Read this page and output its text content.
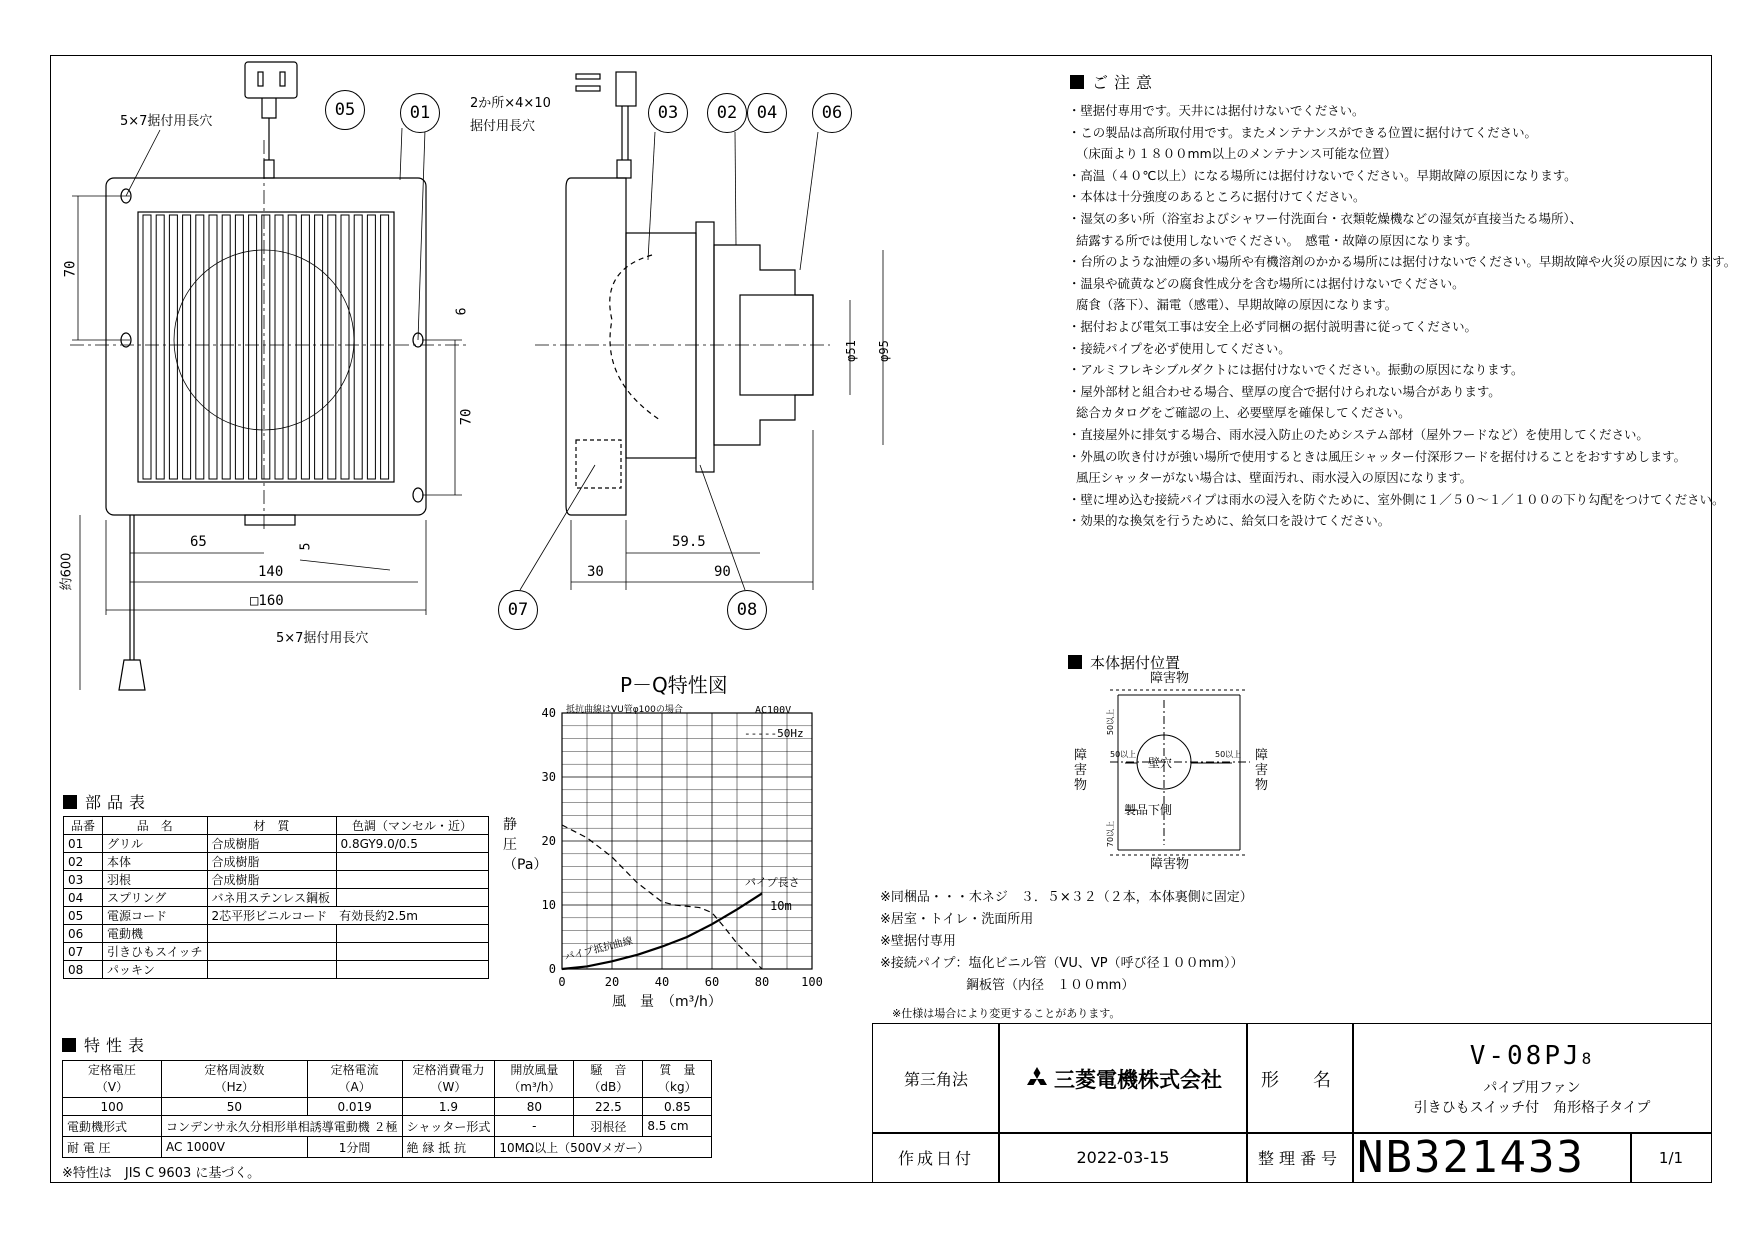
05	01	03	02	04	06
07	08
5×7据付用長穴
2か所×4×10
据付用長穴
5×7据付用長穴
70
70
6
5
65
140
□160
約600
φ51 φ95
59.5
30	90
ご注意
・壁据付専用です。天井には据付けないでください。
・この製品は高所取付用です。またメンテナンスができる位置に据付けてください。
（床面より１８００mm以上のメンテナンス可能な位置）
・高温（４０℃以上）になる場所には据付けないでください。早期故障の原因になります。
・本体は十分強度のあるところに据付けてください。
・湿気の多い所（浴室およびシャワー付洗面台・衣類乾燥機などの湿気が直接当たる場所）、
結露する所では使用しないでください。　感電・故障の原因になります。
・台所のような油煙の多い場所や有機溶剤のかかる場所には据付けないでください。早期故障や火災の原因になります。
・温泉や硫黄などの腐食性成分を含む場所には据付けないでください。
腐食（落下）、漏電（感電）、早期故障の原因になります。
・据付および電気工事は安全上必ず同梱の据付説明書に従ってください。
・接続パイプを必ず使用してください。
・アルミフレキシブルダクトには据付けないでください。振動の原因になります。
・屋外部材と組合わせる場合、壁厚の度合で据付けられない場合があります。
総合カタログをご確認の上、必要壁厚を確保してください。
・直接屋外に排気する場合、雨水浸入防止のためシステム部材（屋外フードなど）を使用してください。
・外風の吹き付けが強い場所で使用するときは風圧シャッター付深形フードを据付けることをおすすめします。
風圧シャッターがない場合は、壁面汚れ、雨水浸入の原因になります。
・壁に埋め込む接続パイプは雨水の浸入を防ぐために、室外側に１／５０～１／１００の下り勾配をつけてください。
・効果的な換気を行うために、給気口を設けてください。
本体据付位置
障害物
障害物
障害物
障害物
壁穴
製品下側
50以上
50以上	50以上
70以上
※同梱品・・・木ネジ　３．５×３２（２本，本体裏側に固定）
※居室・トイレ・洗面所用
※壁据付専用
※接続パイプ：塩化ビニル管（VU、VP（呼び径１００mm））
鋼板管（内径　１００mm）
※仕様は場合により変更することがあります。
P－Q特性図
抵抗曲線はVU管φ100の場合	AC100V
-----50Hz
風　量　（m³/h）
静圧（Pa）
パイプ長さ
10m
パイプ抵抗曲線
0	20	40	60	80	100
0
10
20
30
40
部品表
品番	品　名	材　質	色調（マンセル・近）
01	グリル	合成樹脂	0.8GY9.0/0.5
02	本体	合成樹脂	
03	羽根	合成樹脂	
04	スプリング	バネ用ステンレス鋼板	
05	電源コード	2芯平形ビニルコード　有効長約2.5m	
06	電動機		
07	引きひもスイッチ		
08	パッキン		
特性表
定格電圧
（V）	定格周波数
（Hz）	定格電流
（A）	定格消費電力
（W）	開放風量
（m³/h）	騒　音
（dB）	質　量
（kg）
100	50	0.019	1.9	80	22.5	0.85
電動機形式	コンデンサ永久分相形単相誘導電動機 ２極		シャッター形式	-	羽根径	8.5 cm
耐 電 圧	AC 1000V	1分間	絶 縁 抵 抗	10MΩ以上（500Vメガー）		
※特性は　JIS C 9603 に基づく。
第三角法	三菱電機株式会社	形　名
V-08PJ8
パイプ用ファン
引きひもスイッチ付　角形格子タイプ
作成日付	2022-03-15	整理番号 NB321433	1/1
